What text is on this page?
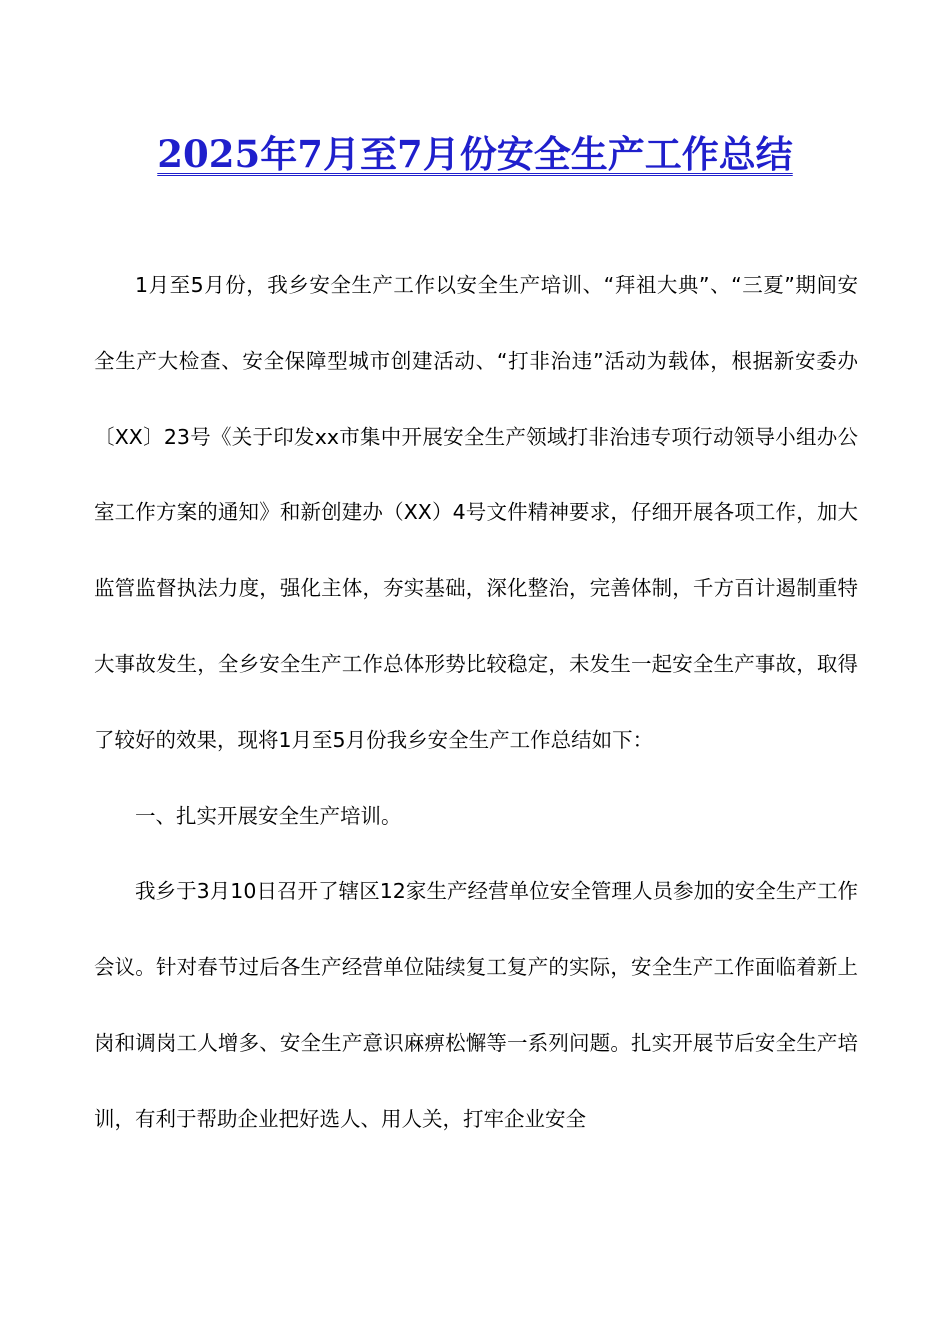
2025年7月至7月份安全生产工作总结

1月至5月份，我乡安全生产工作以安全生产培训、“拜祖大典”、“三夏”期间安全生产大检查、安全保障型城市创建活动、“打非治违”活动为载体，根据新安委办〔XX〕23号《关于印发xx市集中开展安全生产领域打非治违专项行动领导小组办公室工作方案的通知》和新创建办（XX）4号文件精神要求，仔细开展各项工作，加大监管监督执法力度，强化主体，夯实基础，深化整治，完善体制，千方百计遏制重特大事故发生，全乡安全生产工作总体形势比较稳定，未发生一起安全生产事故，取得了较好的效果，现将1月至5月份我乡安全生产工作总结如下：

一、扎实开展安全生产培训。

我乡于3月10日召开了辖区12家生产经营单位安全管理人员参加的安全生产工作会议。针对春节过后各生产经营单位陆续复工复产的实际，安全生产工作面临着新上岗和调岗工人增多、安全生产意识麻痹松懈等一系列问题。扎实开展节后安全生产培训，有利于帮助企业把好选人、用人关，打牢企业安全
